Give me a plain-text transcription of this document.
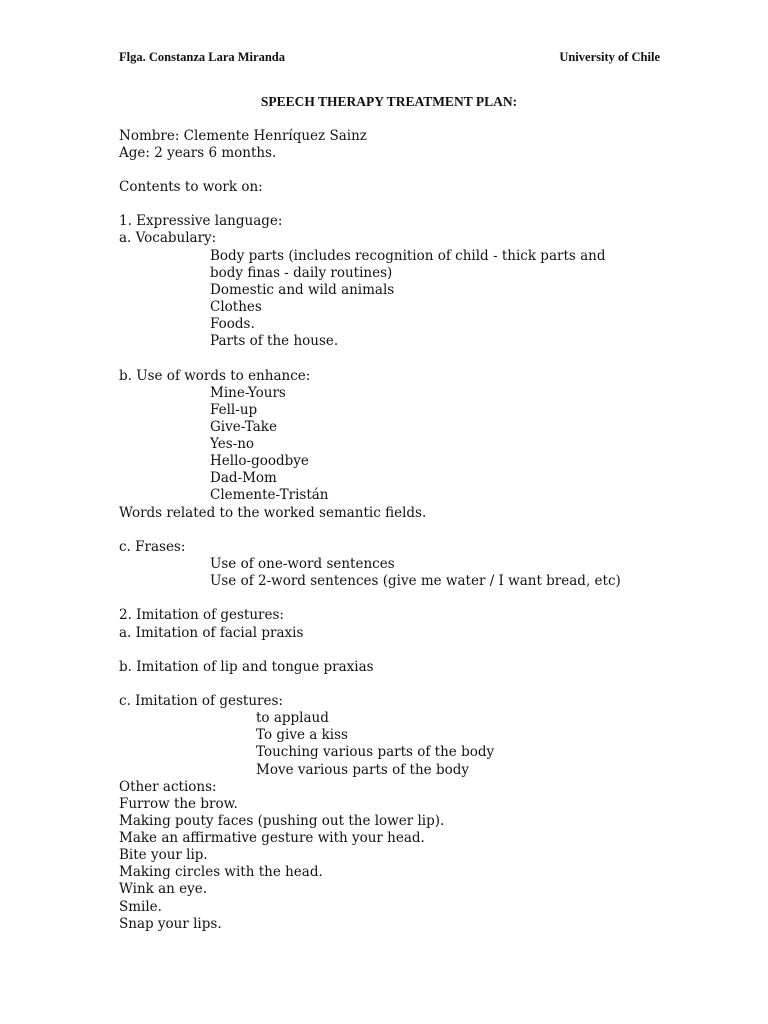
Flga. Constanza Lara Miranda	University of Chile
SPEECH THERAPY TREATMENT PLAN:
Nombre: Clemente Henríquez Sainz
Age: 2 years 6 months.
Contents to work on:
1. Expressive language:
a. Vocabulary:
Body parts (includes recognition of child - thick parts and
body finas - daily routines)
Domestic and wild animals
Clothes
Foods.
Parts of the house.
b. Use of words to enhance:
Mine-Yours
Fell-up
Give-Take
Yes-no
Hello-goodbye
Dad-Mom
Clemente-Tristán
Words related to the worked semantic fields.
c. Frases:
Use of one-word sentences
Use of 2-word sentences (give me water / I want bread, etc)
2. Imitation of gestures:
a. Imitation of facial praxis
b. Imitation of lip and tongue praxias
c. Imitation of gestures:
to applaud
To give a kiss
Touching various parts of the body
Move various parts of the body
Other actions:
Furrow the brow.
Making pouty faces (pushing out the lower lip).
Make an affirmative gesture with your head.
Bite your lip.
Making circles with the head.
Wink an eye.
Smile.
Snap your lips.
